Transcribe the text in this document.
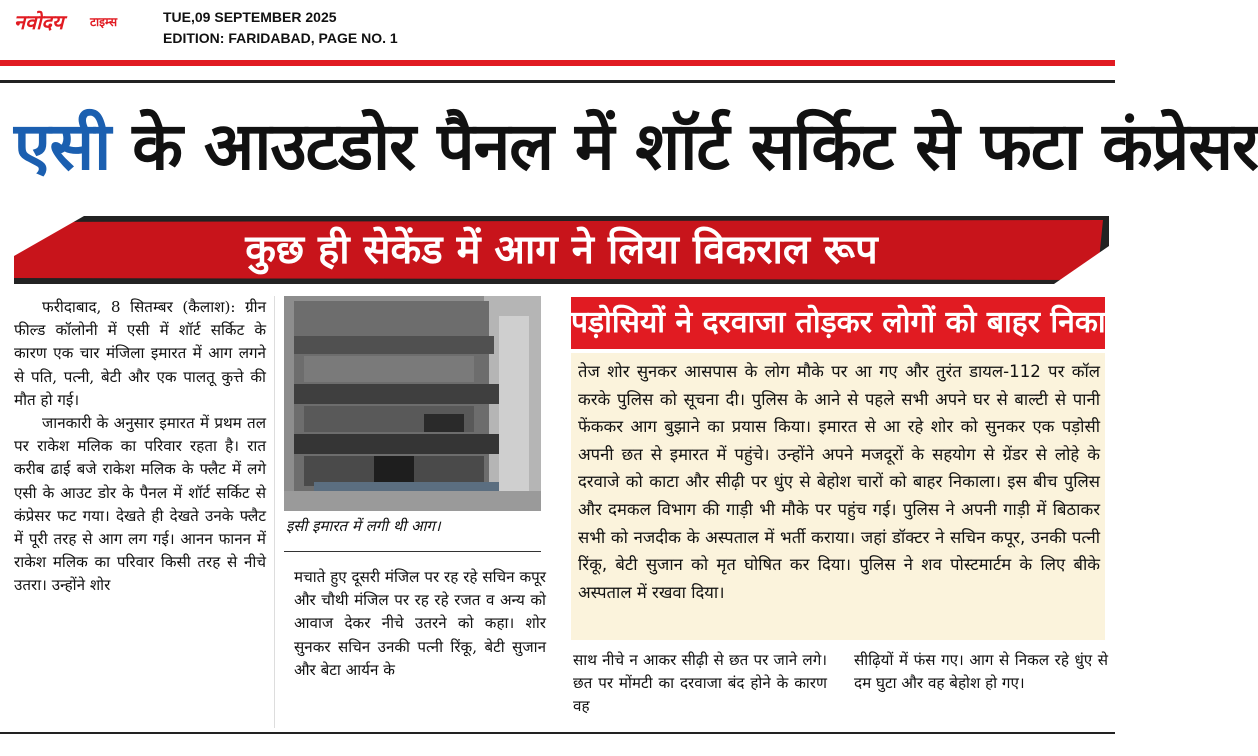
नवोदय टाइम्स	TUE,09 SEPTEMBER 2025
EDITION: FARIDABAD, PAGE NO. 1
एसी के आउटडोर पैनल में शॉर्ट सर्किट से फटा कंप्रेसर
कुछ ही सेकेंड में आग ने लिया विकराल रूप

फरीदाबाद, 8 सितम्बर (कैलाश): ग्रीन फील्ड कॉलोनी में एसी में शॉर्ट सर्किट के कारण एक चार मंजिला इमारत में आग लगने से पति, पत्नी, बेटी और एक पालतू कुत्ते की मौत हो गई।

जानकारी के अनुसार इमारत में प्रथम तल पर राकेश मलिक का परिवार रहता है। रात करीब ढाई बजे राकेश मलिक के फ्लैट में लगे एसी के आउट डोर के पैनल में शॉर्ट सर्किट से कंप्रेसर फट गया। देखते ही देखते उनके फ्लैट में पूरी तरह से आग लग गई। आनन फानन में राकेश मलिक का परिवार किसी तरह से नीचे उतरा। उन्होंने शोर

इसी इमारत में लगी थी आग।
मचाते हुए दूसरी मंजिल पर रह रहे सचिन कपूर और चौथी मंजिल पर रह रहे रजत व अन्य को आवाज देकर नीचे उतरने को कहा। शोर सुनकर सचिन उनकी पत्नी रिंकू, बेटी सुजान और बेटा आर्यन के
पड़ोसियों ने दरवाजा तोड़कर लोगों को बाहर निकाला
तेज शोर सुनकर आसपास के लोग मौके पर आ गए और तुरंत डायल-112 पर कॉल करके पुलिस को सूचना दी। पुलिस के आने से पहले सभी अपने घर से बाल्टी से पानी फेंककर आग बुझाने का प्रयास किया। इमारत से आ रहे शोर को सुनकर एक पड़ोसी अपनी छत से इमारत में पहुंचे। उन्होंने अपने मजदूरों के सहयोग से ग्रेंडर से लोहे के दरवाजे को काटा और सीढ़ी पर धुंए से बेहोश चारों को बाहर निकाला। इस बीच पुलिस और दमकल विभाग की गाड़ी भी मौके पर पहुंच गई। पुलिस ने अपनी गाड़ी में बिठाकर सभी को नजदीक के अस्पताल में भर्ती कराया। जहां डॉक्टर ने सचिन कपूर, उनकी पत्नी रिंकू, बेटी सुजान को मृत घोषित कर दिया। पुलिस ने शव पोस्टमार्टम के लिए बीके अस्पताल में रखवा दिया।
साथ नीचे न आकर सीढ़ी से छत पर जाने लगे। छत पर मोंमटी का दरवाजा बंद होने के कारण वह
सीढ़ियों में फंस गए। आग से निकल रहे धुंए से दम घुटा और वह बेहोश हो गए।
